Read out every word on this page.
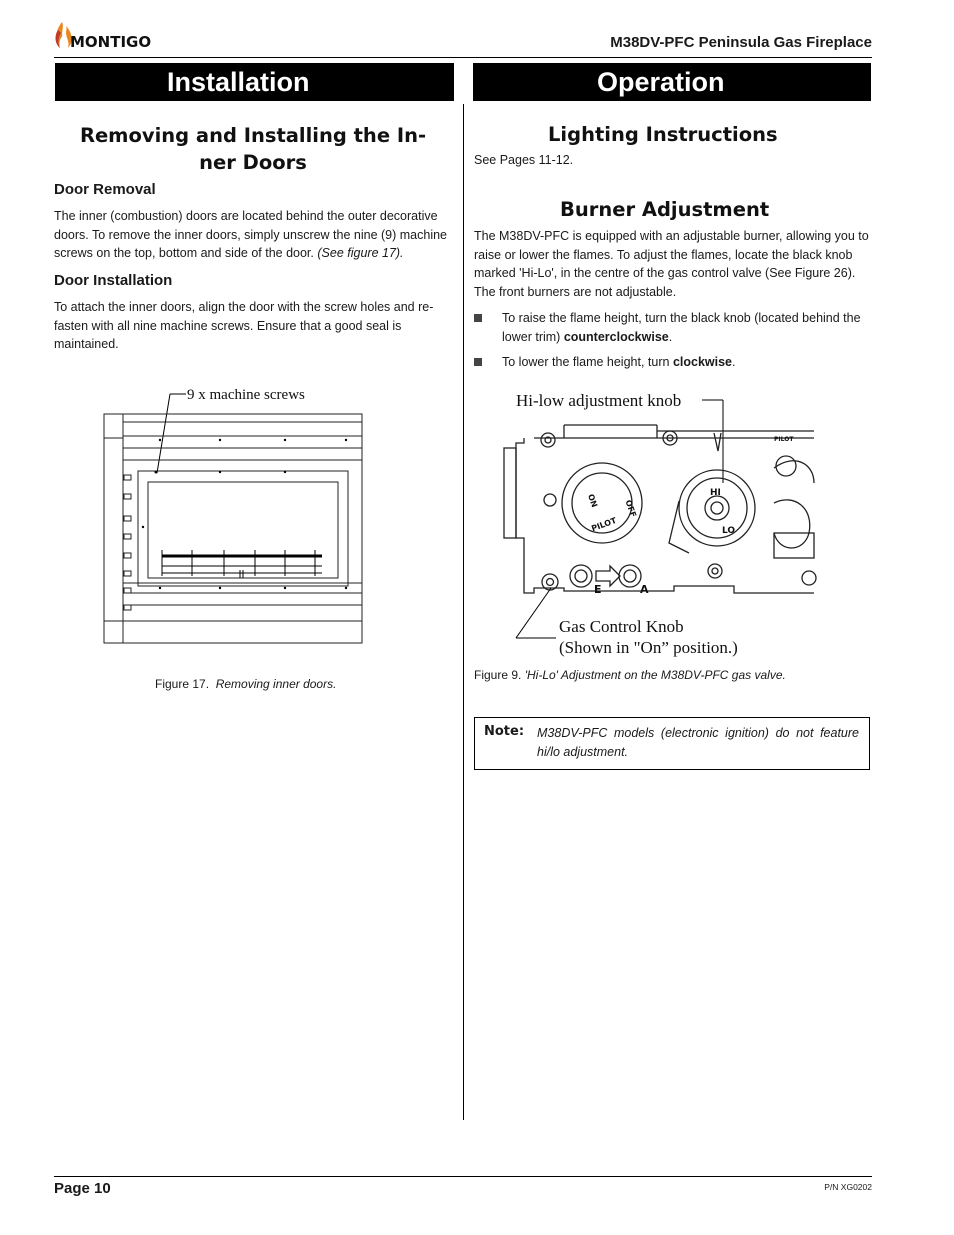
MONTIGO	M38DV-PFC Peninsula Gas Fireplace
Installation	Operation
Removing and Installing the In- ner Doors
Door Removal

The inner (combustion) doors are located behind the outer decorative doors. To remove the inner doors, simply unscrew the nine (9) machine screws on the top, bottom and side of the door. (See figure 17).

Door Installation
To attach the inner doors, align the door with the screw holes and re-fasten with all nine machine screws. Ensure that a good seal is maintained.
9 x machine screws
Figure 17. Removing inner doors.
Lighting Instructions
See Pages 11-12.
Burner Adjustment
The M38DV-PFC is equipped with an adjustable burner, allowing you to raise or lower the flames. To adjust the flames, locate the black knob marked 'Hi-Lo', in the centre of the gas control valve (See Figure 26). The front burners are not adjustable.
To raise the flame height, turn the black knob (located behind the lower trim) counterclockwise.
To lower the flame height, turn clockwise.
Hi-low adjustment knob
E	A
ON	OFF
PILOT
HI
LO
PILOT
Gas Control Knob
(Shown in "On” position.)
Figure 9. 'Hi-Lo' Adjustment on the M38DV-PFC gas valve.
Note: M38DV-PFC models (electronic ignition) do not feature hi/lo adjustment.
Page 10	P/N XG0202
